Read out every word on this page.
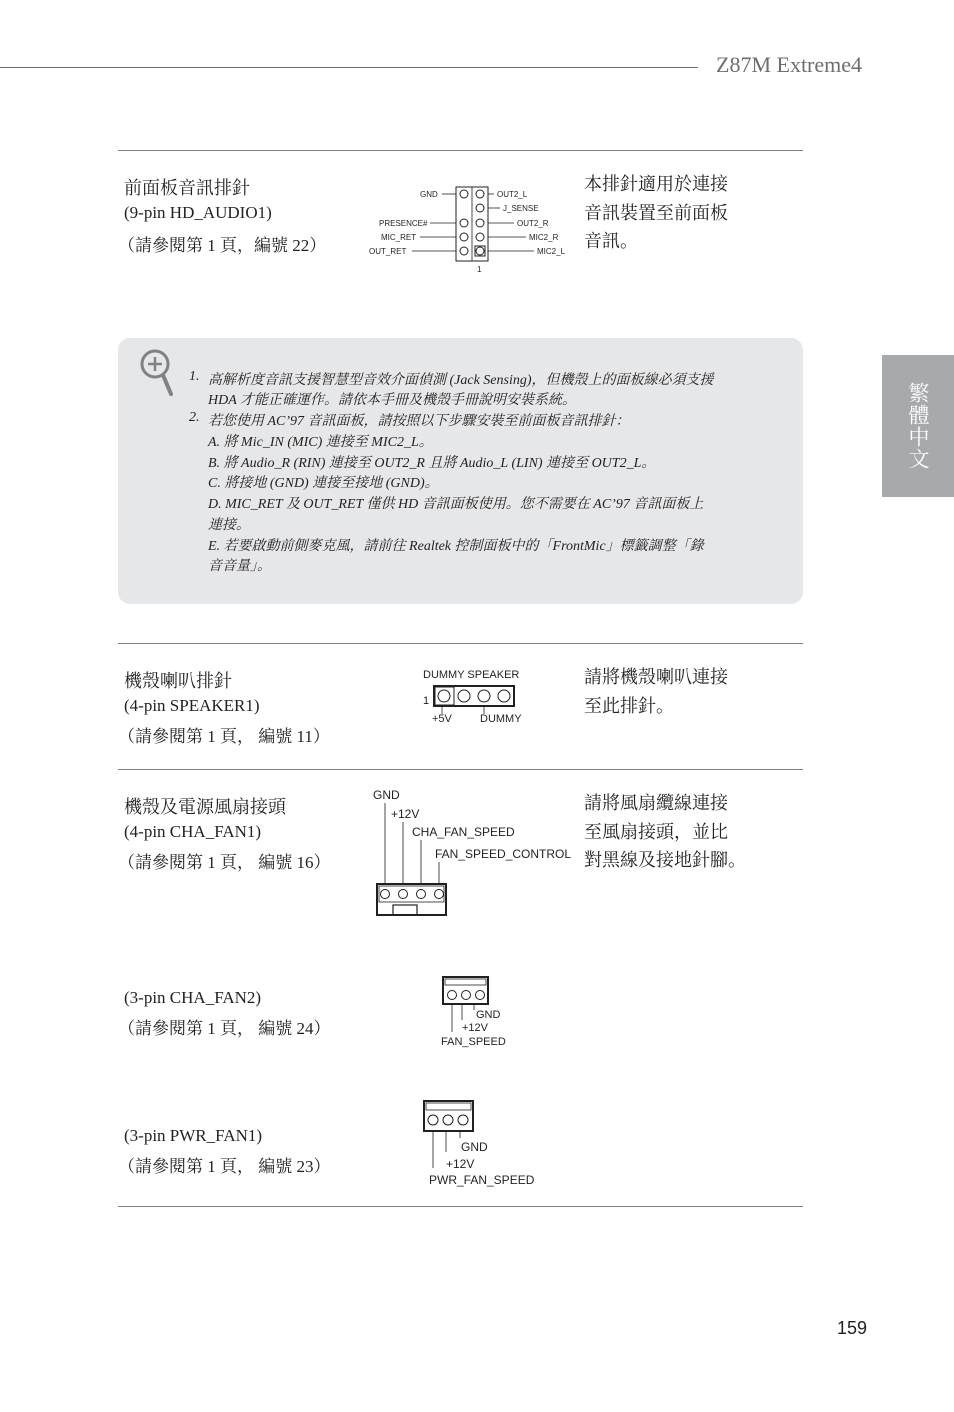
Z87M Extreme4
繁體中文
前面板音訊排針
(9-pin HD_AUDIO1)
（請參閱第 1 頁，編號 22）
本排針適用於連接
音訊裝置至前面板
音訊。
GND
PRESENCE#
MIC_RET
OUT_RET
OUT2_L
J_SENSE
OUT2_R
MIC2_R
MIC2_L
1
1. 高解析度音訊支援智慧型音效介面偵測 (Jack Sensing)，但機殼上的面板線必須支援
HDA 才能正確運作。請依本手冊及機殼手冊說明安裝系統。
2. 若您使用 AC’97 音訊面板，請按照以下步驟安裝至前面板音訊排針：
A. 將 Mic_IN (MIC) 連接至 MIC2_L。
B. 將 Audio_R (RIN) 連接至 OUT2_R 且將 Audio_L (LIN) 連接至 OUT2_L。
C. 將接地 (GND) 連接至接地 (GND)。
D. MIC_RET 及 OUT_RET 僅供 HD 音訊面板使用。您不需要在 AC’97 音訊面板上
連接。
E. 若要啟動前側麥克風，請前往 Realtek 控制面板中的「FrontMic」標籤調整「錄
音音量」。
機殼喇叭排針
(4-pin SPEAKER1)
（請參閱第 1 頁， 編號 11）
請將機殼喇叭連接
至此排針。
DUMMY SPEAKER
1
+5V	DUMMY
機殼及電源風扇接頭
(4-pin CHA_FAN1)
（請參閱第 1 頁， 編號 16）
請將風扇纜線連接
至風扇接頭，並比
對黑線及接地針腳。
GND
+12V
CHA_FAN_SPEED
FAN_SPEED_CONTROL
(3-pin CHA_FAN2)
（請參閱第 1 頁， 編號 24）
GND
+12V
FAN_SPEED
(3-pin PWR_FAN1)
（請參閱第 1 頁， 編號 23）
GND
+12V
PWR_FAN_SPEED
159
